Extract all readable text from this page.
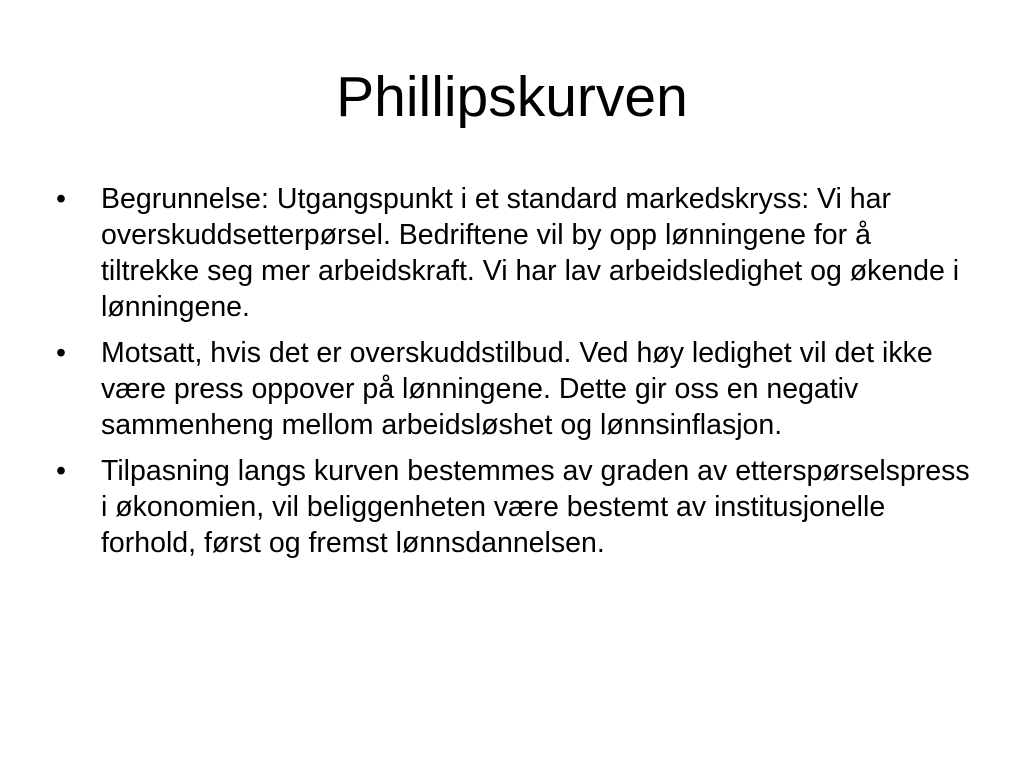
Phillipskurven
•	Begrunnelse: Utgangspunkt i et standard markedskryss: Vi har overskuddsetterpørsel. Bedriftene vil by opp lønningene for å tiltrekke seg mer arbeidskraft. Vi har lav arbeidsledighet og økende i lønningene.
•	Motsatt, hvis det er overskuddstilbud. Ved høy ledighet vil det ikke være press oppover på lønningene. Dette gir oss en negativ sammenheng mellom arbeidsløshet og lønnsinflasjon.
•	Tilpasning langs kurven bestemmes av graden av etterspørselspress i økonomien, vil beliggenheten være bestemt av institusjonelle forhold, først og fremst lønnsdannelsen.
